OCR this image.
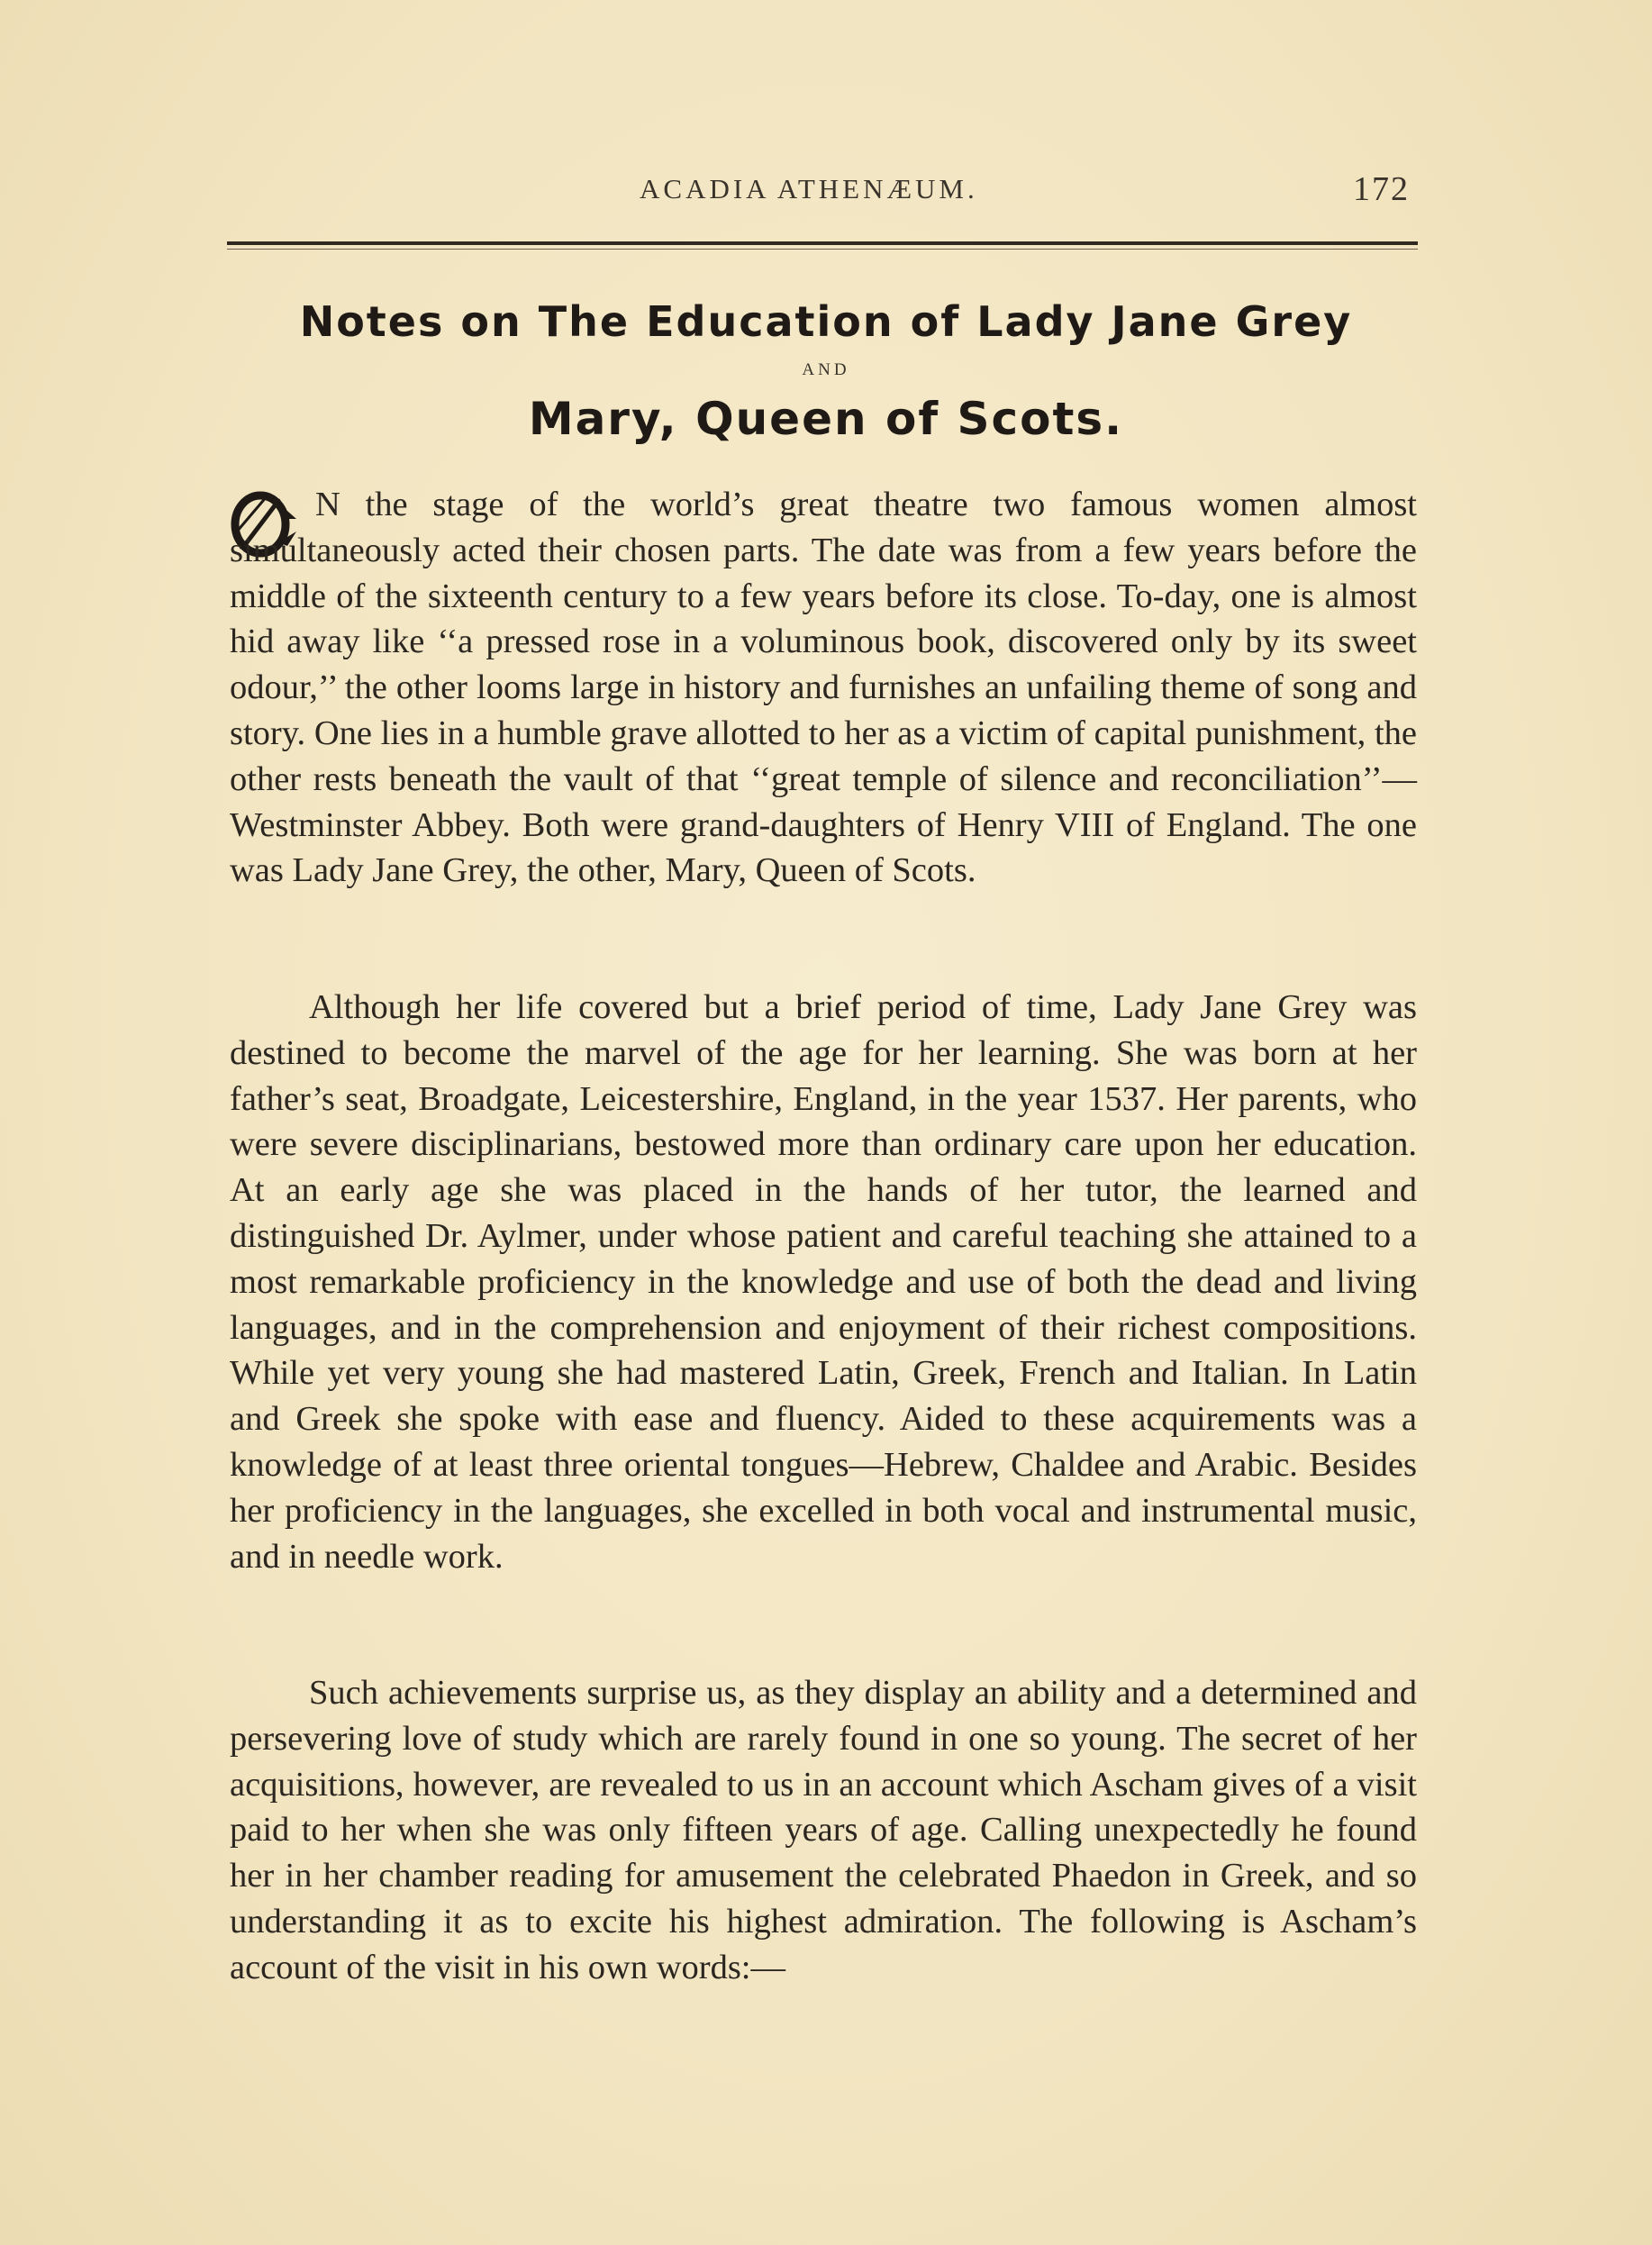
ACADIA ATHENÆUM.	172
Notes on The Education of Lady Jane Grey
AND
Mary, Queen of Scots.

N the stage of the world’s great theatre two famous women almost simultaneously acted their chosen parts. The date was from a few years before the middle of the sixteenth century to a few years before its close. To-day, one is almost hid away like ‘‘a pressed rose in a voluminous book, discovered only by its sweet odour,’’ the other looms large in history and furnishes an unfailing theme of song and story. One lies in a humble grave allotted to her as a victim of capital punishment, the other rests beneath the vault of that ‘‘great temple of silence and reconciliation’’—Westminster Abbey. Both were grand-daughters of Henry VIII of England. The one was Lady Jane Grey, the other, Mary, Queen of Scots.

Although her life covered but a brief period of time, Lady Jane Grey was destined to become the marvel of the age for her learning. She was born at her father’s seat, Broadgate, Leicestershire, England, in the year 1537. Her parents, who were severe disciplinarians, bestowed more than ordinary care upon her education. At an early age she was placed in the hands of her tutor, the learned and distinguished Dr. Aylmer, under whose patient and careful teaching she attained to a most remarkable proficiency in the knowledge and use of both the dead and living languages, and in the comprehension and enjoyment of their richest compositions. While yet very young she had mastered Latin, Greek, French and Italian. In Latin and Greek she spoke with ease and fluency. Aided to these acquirements was a knowledge of at least three oriental tongues—Hebrew, Chaldee and Arabic. Besides her proficiency in the languages, she excelled in both vocal and instrumental music, and in needle work.

Such achievements surprise us, as they display an ability and a determined and persevering love of study which are rarely found in one so young. The secret of her acquisitions, however, are revealed to us in an account which Ascham gives of a visit paid to her when she was only fifteen years of age. Calling unexpectedly he found her in her chamber reading for amusement the celebrated Phaedon in Greek, and so understanding it as to excite his highest admiration. The following is Ascham’s account of the visit in his own words:—
